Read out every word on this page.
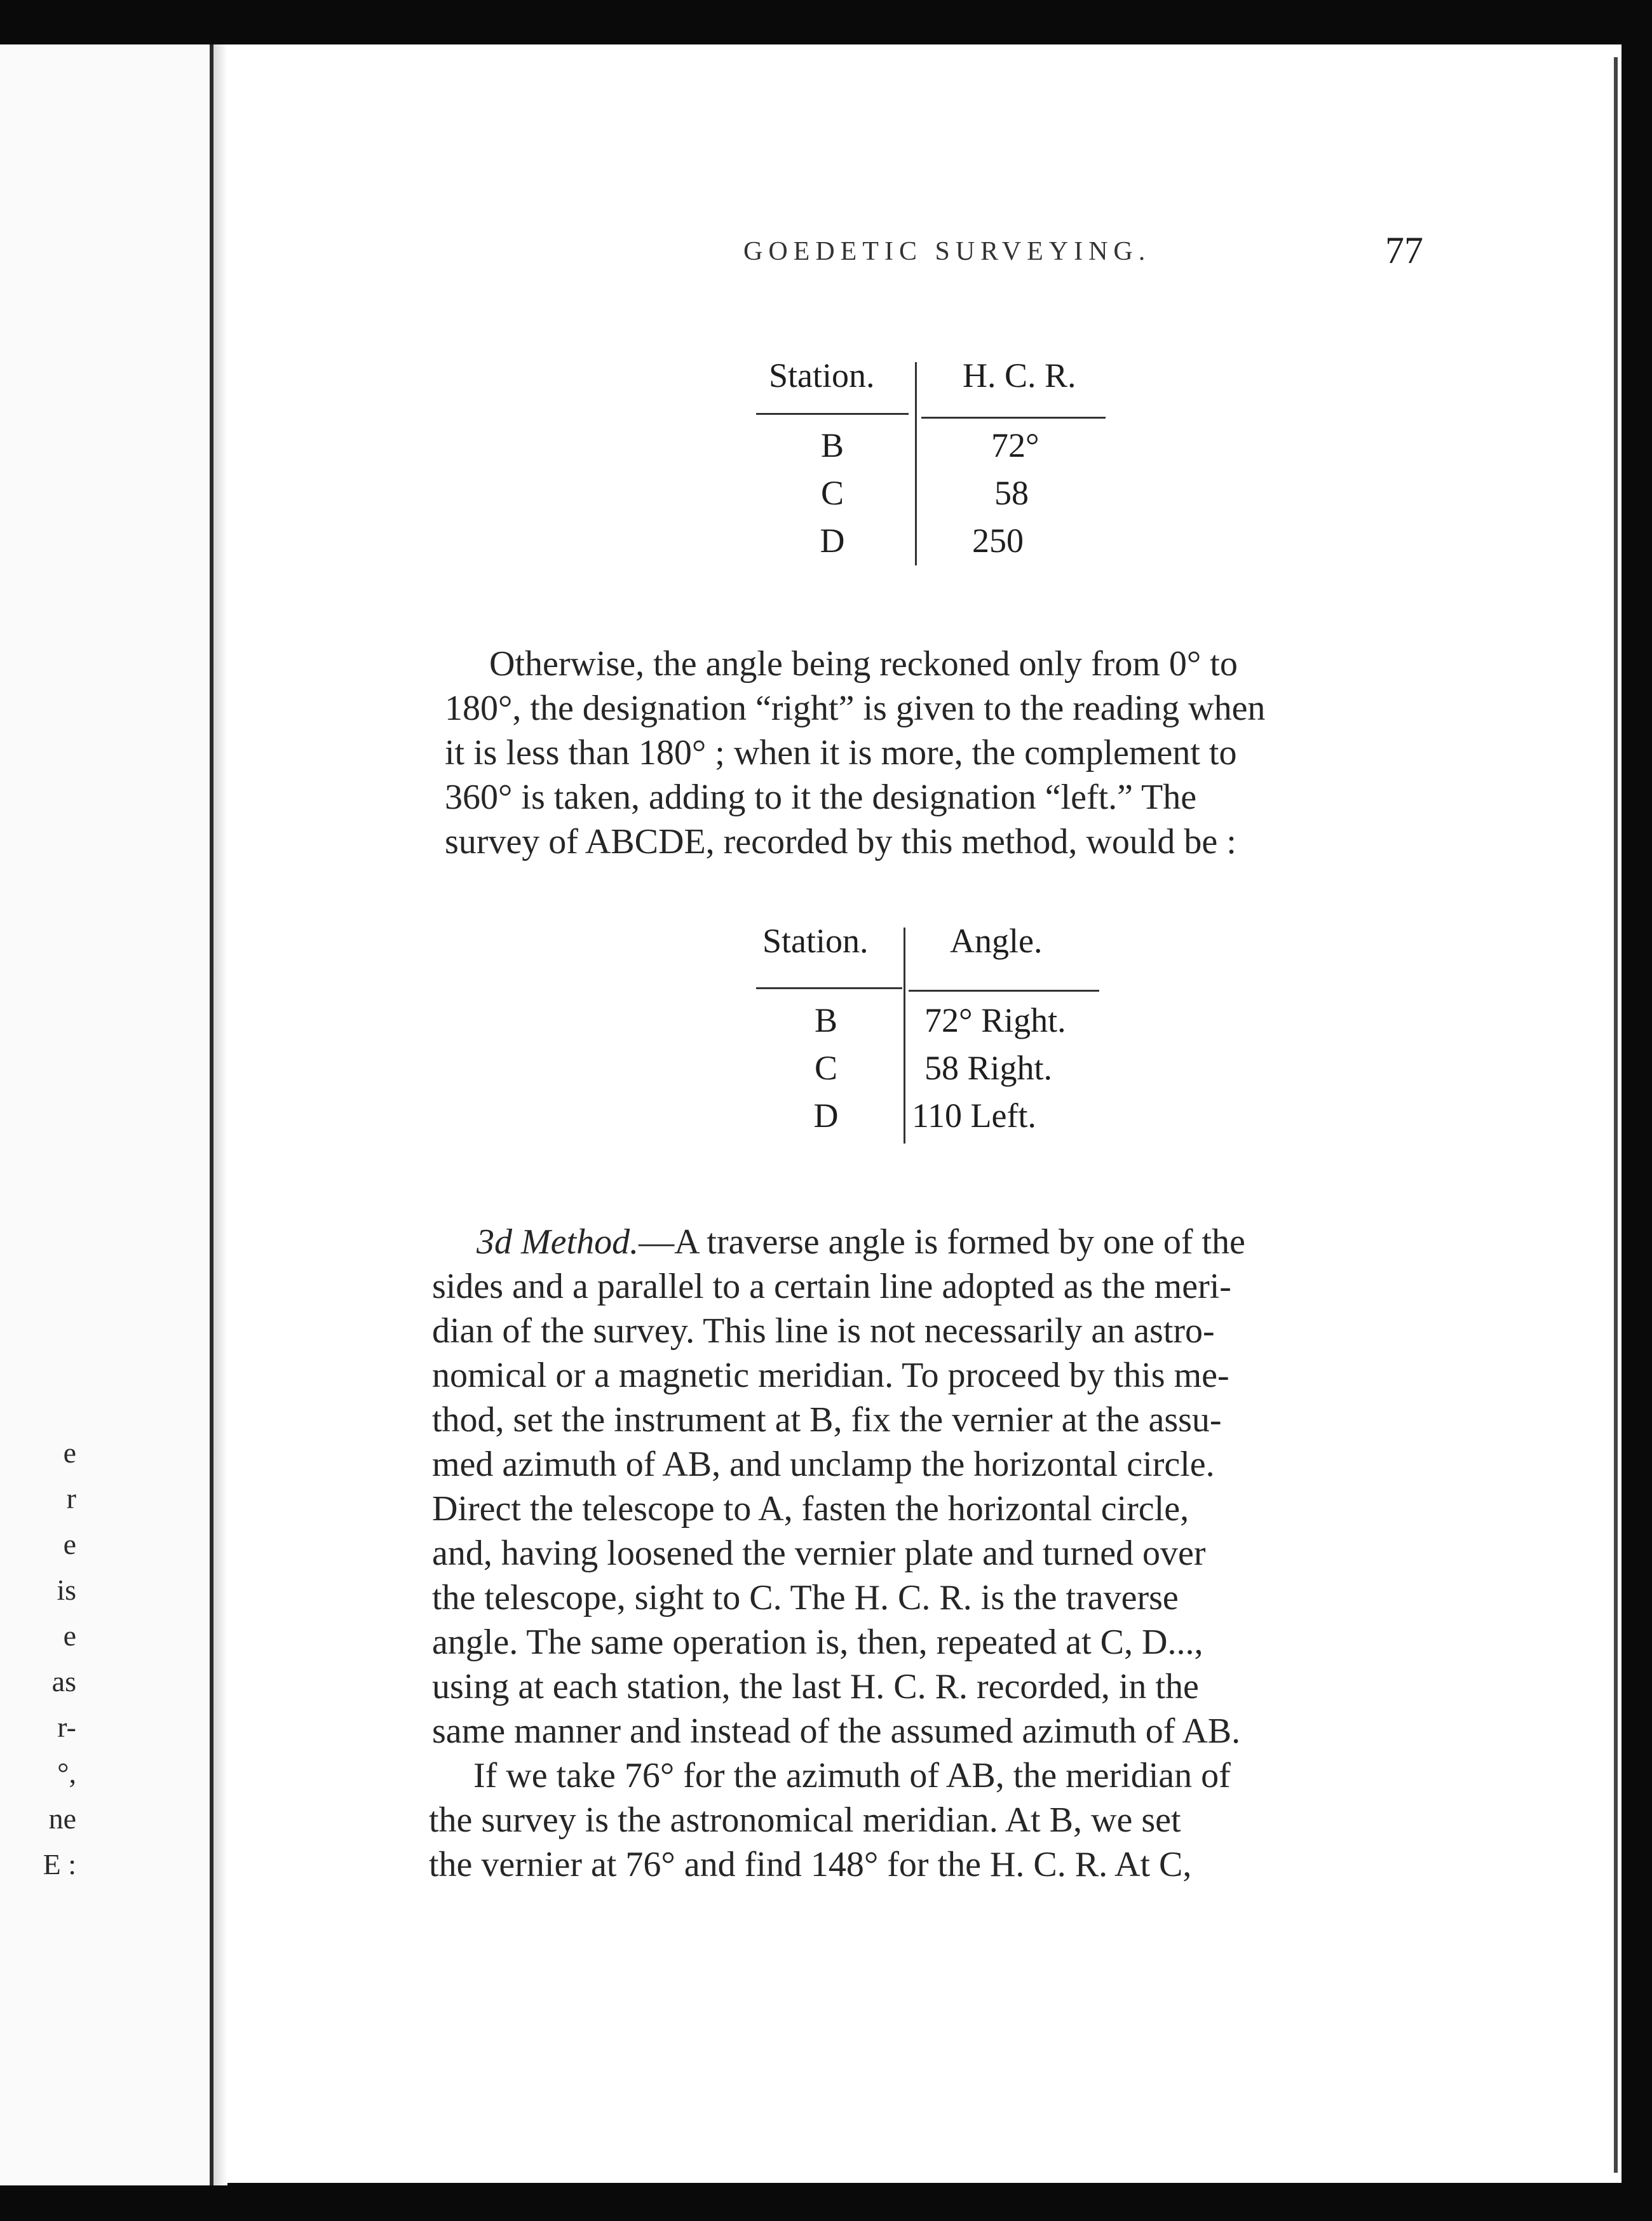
e
r
e
is
e
as
r-
°,
ne
E :
GOEDETIC SURVEYING.	77
Station.	H. C. R.
B	72°
C	58
D	250
Otherwise, the angle being reckoned only from 0° to
180°, the designation “right” is given to the reading when
it is less than 180° ; when it is more, the complement to
360° is taken, adding to it the designation “left.” The
survey of ABCDE, recorded by this method, would be :
Station. Angle.
B	72° Right.
C	58 Right.
D	110 Left.
3d Method.—A traverse angle is formed by one of the
sides and a parallel to a certain line adopted as the meri-
dian of the survey. This line is not necessarily an astro-
nomical or a magnetic meridian. To proceed by this me-
thod, set the instrument at B, fix the vernier at the assu-
med azimuth of AB, and unclamp the horizontal circle.
Direct the telescope to A, fasten the horizontal circle,
and, having loosened the vernier plate and turned over
the telescope, sight to C. The H. C. R. is the traverse
angle. The same operation is, then, repeated at C, D...,
using at each station, the last H. C. R. recorded, in the
same manner and instead of the assumed azimuth of AB.
If we take 76° for the azimuth of AB, the meridian of
the survey is the astronomical meridian. At B, we set
the vernier at 76° and find 148° for the H. C. R. At C,
